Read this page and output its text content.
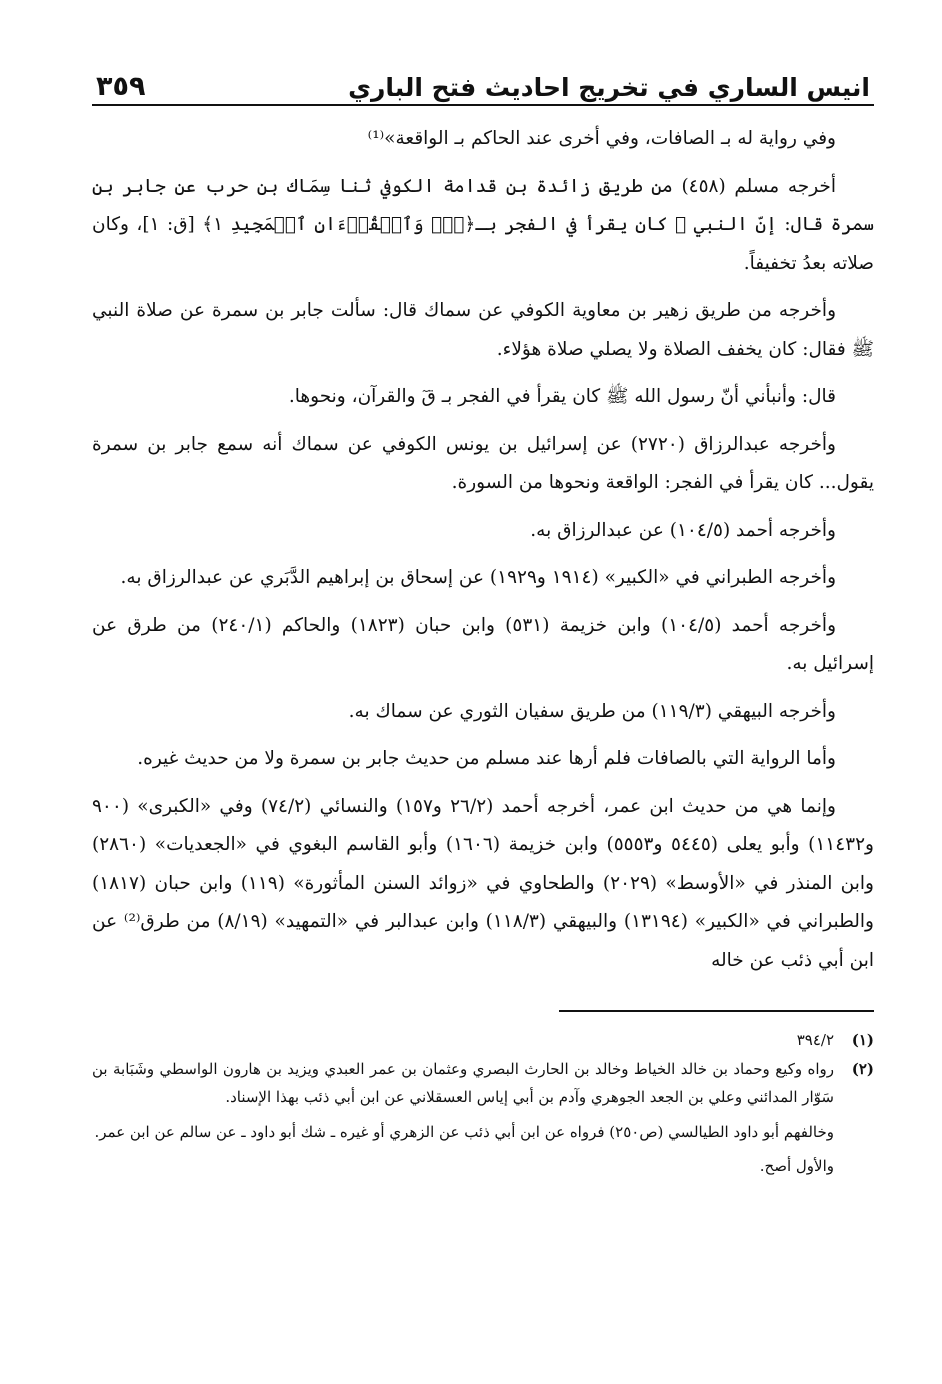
انيس الساري في تخريج احاديث فتح الباري
٣٥٩

وفي رواية له بـ الصافات، وفي أخرى عند الحاكم بـ الواقعة»⁽¹⁾

أخرجه مسلم (٤٥٨) من طريق زائدة بن قدامة الكوفي ثنا سِمَاك بن حرب عن جابر بن سمرة قال: إنّ النبي ﷺ كان يقرأ في الفجر بـ﴿قٓۚ وَٱلۡقُرۡءَانِ ٱلۡمَجِيدِ ١﴾ [ق: ١]، وكان صلاته بعدُ تخفيفاً.

وأخرجه من طريق زهير بن معاوية الكوفي عن سماك قال: سألت جابر بن سمرة عن صلاة النبي ﷺ فقال: كان يخفف الصلاة ولا يصلي صلاة هؤلاء.

قال: وأنبأني أنّ رسول الله ﷺ كان يقرأ في الفجر بـ قٓ والقرآن، ونحوها.

وأخرجه عبدالرزاق (٢٧٢٠) عن إسرائيل بن يونس الكوفي عن سماك أنه سمع جابر بن سمرة يقول... كان يقرأ في الفجر: الواقعة ونحوها من السورة.

وأخرجه أحمد (١٠٤/٥) عن عبدالرزاق به.

وأخرجه الطبراني في «الكبير» (١٩١٤ و١٩٢٩) عن إسحاق بن إبراهيم الدَّبَري عن عبدالرزاق به.

وأخرجه أحمد (١٠٤/٥) وابن خزيمة (٥٣١) وابن حبان (١٨٢٣) والحاكم (٢٤٠/١) من طرق عن إسرائيل به.

وأخرجه البيهقي (١١٩/٣) من طريق سفيان الثوري عن سماك به.

وأما الرواية التي بالصافات فلم أرها عند مسلم من حديث جابر بن سمرة ولا من حديث غيره.

وإنما هي من حديث ابن عمر، أخرجه أحمد (٢٦/٢ و١٥٧) والنسائي (٧٤/٢) وفي «الكبرى» (٩٠٠ و١١٤٣٢) وأبو يعلى (٥٤٤٥ و٥٥٥٣) وابن خزيمة (١٦٠٦) وأبو القاسم البغوي في «الجعديات» (٢٨٦٠) وابن المنذر في «الأوسط» (٢٠٢٩) والطحاوي في «زوائد السنن المأثورة» (١١٩) وابن حبان (١٨١٧) والطبراني في «الكبير» (١٣١٩٤) والبيهقي (١١٨/٣) وابن عبدالبر في «التمهيد» (٨/١٩) من طرق⁽²⁾ عن ابن أبي ذئب عن خاله

(١)

٣٩٤/٢

(٢)

رواه وكيع وحماد بن خالد الخياط وخالد بن الحارث البصري وعثمان بن عمر العبدي ويزيد بن هارون الواسطي وشَبَابة بن سَوّار المدائني وعلي بن الجعد الجوهري وآدم بن أبي إياس العسقلاني عن ابن أبي ذئب بهذا الإسناد.

وخالفهم أبو داود الطيالسي (ص٢٥٠) فرواه عن ابن أبي ذئب عن الزهري أو غيره ـ شك أبو داود ـ عن سالم عن ابن عمر.

والأول أصح.
